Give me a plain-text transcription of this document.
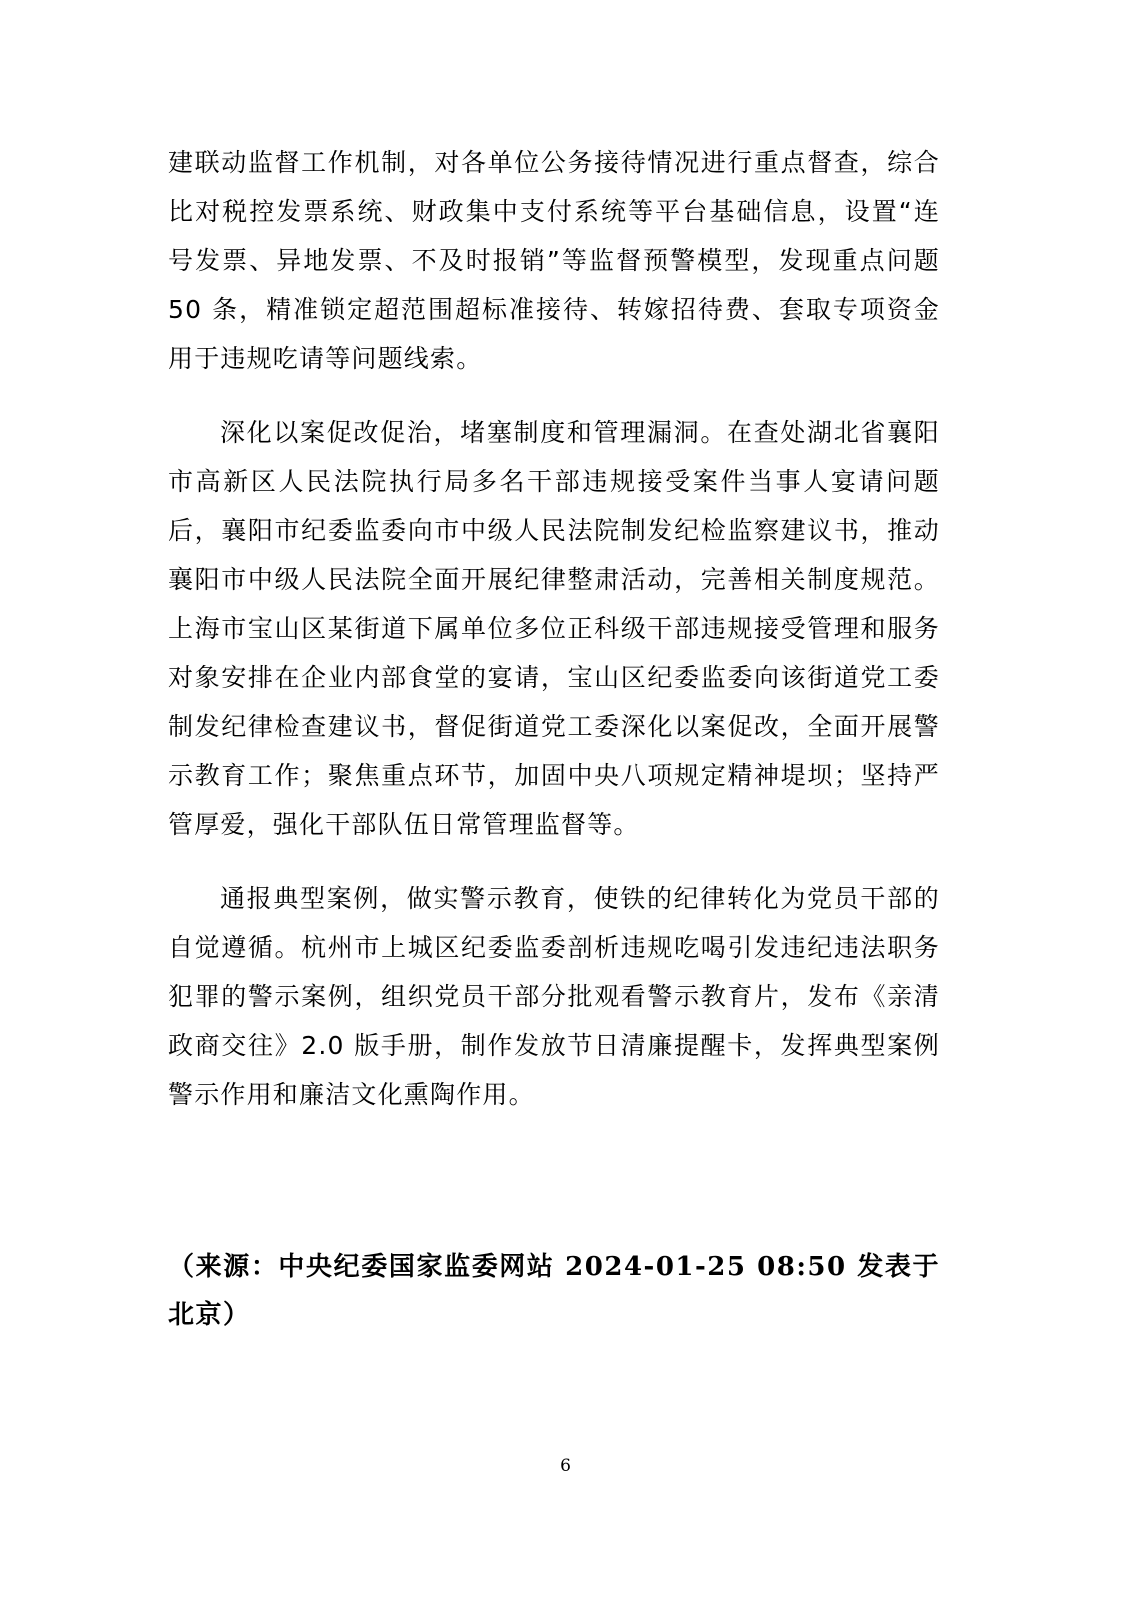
建联动监督工作机制，对各单位公务接待情况进行重点督查，综合比对税控发票系统、财政集中支付系统等平台基础信息，设置“连号发票、异地发票、不及时报销”等监督预警模型，发现重点问题 50 条，精准锁定超范围超标准接待、转嫁招待费、套取专项资金用于违规吃请等问题线索。

深化以案促改促治，堵塞制度和管理漏洞。在查处湖北省襄阳市高新区人民法院执行局多名干部违规接受案件当事人宴请问题后，襄阳市纪委监委向市中级人民法院制发纪检监察建议书，推动襄阳市中级人民法院全面开展纪律整肃活动，完善相关制度规范。上海市宝山区某街道下属单位多位正科级干部违规接受管理和服务对象安排在企业内部食堂的宴请，宝山区纪委监委向该街道党工委制发纪律检查建议书，督促街道党工委深化以案促改，全面开展警示教育工作；聚焦重点环节，加固中央八项规定精神堤坝；坚持严管厚爱，强化干部队伍日常管理监督等。

通报典型案例，做实警示教育，使铁的纪律转化为党员干部的自觉遵循。杭州市上城区纪委监委剖析违规吃喝引发违纪违法职务犯罪的警示案例，组织党员干部分批观看警示教育片，发布《亲清政商交往》2.0 版手册，制作发放节日清廉提醒卡，发挥典型案例警示作用和廉洁文化熏陶作用。

（来源：中央纪委国家监委网站 2024-01-25 08:50 发表于北京）

6
